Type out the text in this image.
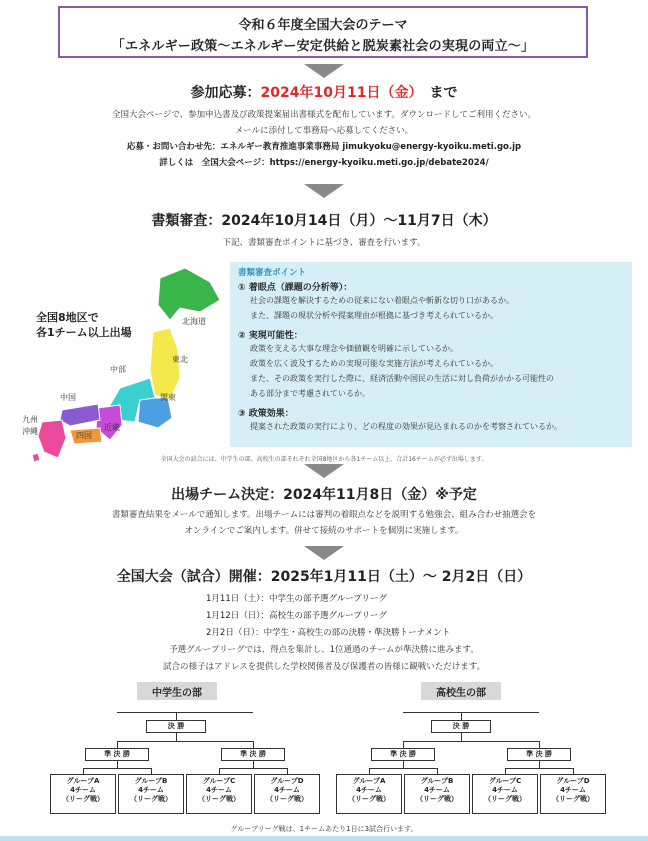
令和６年度全国大会のテーマ
「エネルギー政策～エネルギー安定供給と脱炭素社会の実現の両立～」
参加応募：2024年10月11日（金）　 まで
全国大会ページで、参加申込書及び政策提案届出書様式を配布しています。ダウンロードしてご利用ください。
メールに添付して事務局へ応募してください。
応募・お問い合わせ先：エネルギー教育推進事業事務局 jimukyoku@energy-kyoiku.meti.go.jp
詳しくは　全国大会ページ：https://energy-kyoiku.meti.go.jp/debate2024/
書類審査：2024年10月14日（月）～11月7日（木）
下記、書類審査ポイントに基づき、審査を行います。
全国8地区で
各1チーム以上出場
北海道
東北
関東
中部
近畿
中国
四国
九州
沖縄
書類審査ポイント
① 着眼点（課題の分析等）：
社会の課題を解決するための従来にない着眼点や斬新な切り口があるか。
また、課題の現状分析や提案理由が根拠に基づき考えられているか。
② 実現可能性：
政策を支える大事な理念や価値観を明確に示しているか。
政策を広く波及するための実現可能な実施方法が考えられているか。
また、その政策を実行した際に、経済活動や国民の生活に対し負荷がかかる可能性の
ある部分まで考慮されているか。
③ 政策効果：
提案された政策の実行により、どの程度の効果が見込まれるのかを考察されているか。
全国大会の試合には、中学生の部、高校生の部それぞれ全国8地区から各1チーム以上、合計16チームが必ず出場します。
出場チーム決定：2024年11月8日（金）※予定
書類審査結果をメールで通知します。出場チームには審判の着眼点などを説明する勉強会、組み合わせ抽選会を
オンラインでご案内します。併せて接続のサポートを個別に実施します。
全国大会（試合）開催：2025年1月11日（土）～ 2月2日（日）
1月11日（土）：中学生の部予選グループリーグ
1月12日（日）：高校生の部予選グループリーグ
2月2日（日）：中学生・高校生の部の決勝・準決勝トーナメント
予選グループリーグでは、得点を集計し、1位通過のチームが準決勝に進みます。
試合の様子はアドレスを提供した学校関係者及び保護者の皆様に観戦いただけます。
中学生の部	高校生の部
決 勝
準 決 勝	準 決 勝
グループA
4チーム
（リーグ戦）
グループB
4チーム
（リーグ戦）
グループC
4チーム
（リーグ戦）
グループD
4チーム
（リーグ戦）
決 勝
準 決 勝	準 決 勝
グループA
4チーム
（リーグ戦）
グループB
4チーム
（リーグ戦）
グループC
4チーム
（リーグ戦）
グループD
4チーム
（リーグ戦）
グループリーグ戦は、1チームあたり1日に3試合行います。
